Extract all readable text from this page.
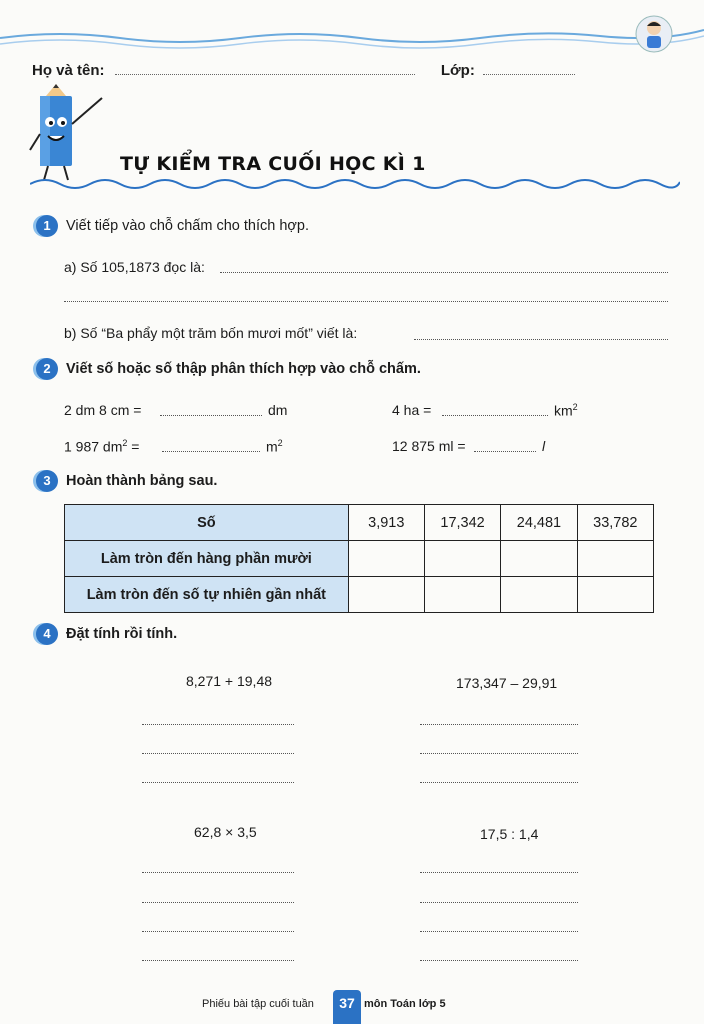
Họ và tên:	Lớp:
TỰ KIỂM TRA CUỐI HỌC KÌ 1
1	Viết tiếp vào chỗ chấm cho thích hợp.
a) Số 105,1873 đọc là:
b) Số “Ba phẩy một trăm bốn mươi mốt” viết là:
2	Viết số hoặc số thập phân thích hợp vào chỗ chấm.
2 dm 8 cm =	dm	4 ha =	$km^2$
1 987 $dm^2$ =	$m^2$	12 875 ml =	l
3	Hoàn thành bảng sau.
Số	3,913	17,342	24,481	33,782
Làm tròn đến hàng phần mười				
Làm tròn đến số tự nhiên gần nhất				
4	Đặt tính rồi tính.
8,271 + 19,48	173,347 – 29,91
62,8 × 3,5	17,5 : 1,4
Phiếu bài tập cuối tuần	37 môn Toán lớp 5
